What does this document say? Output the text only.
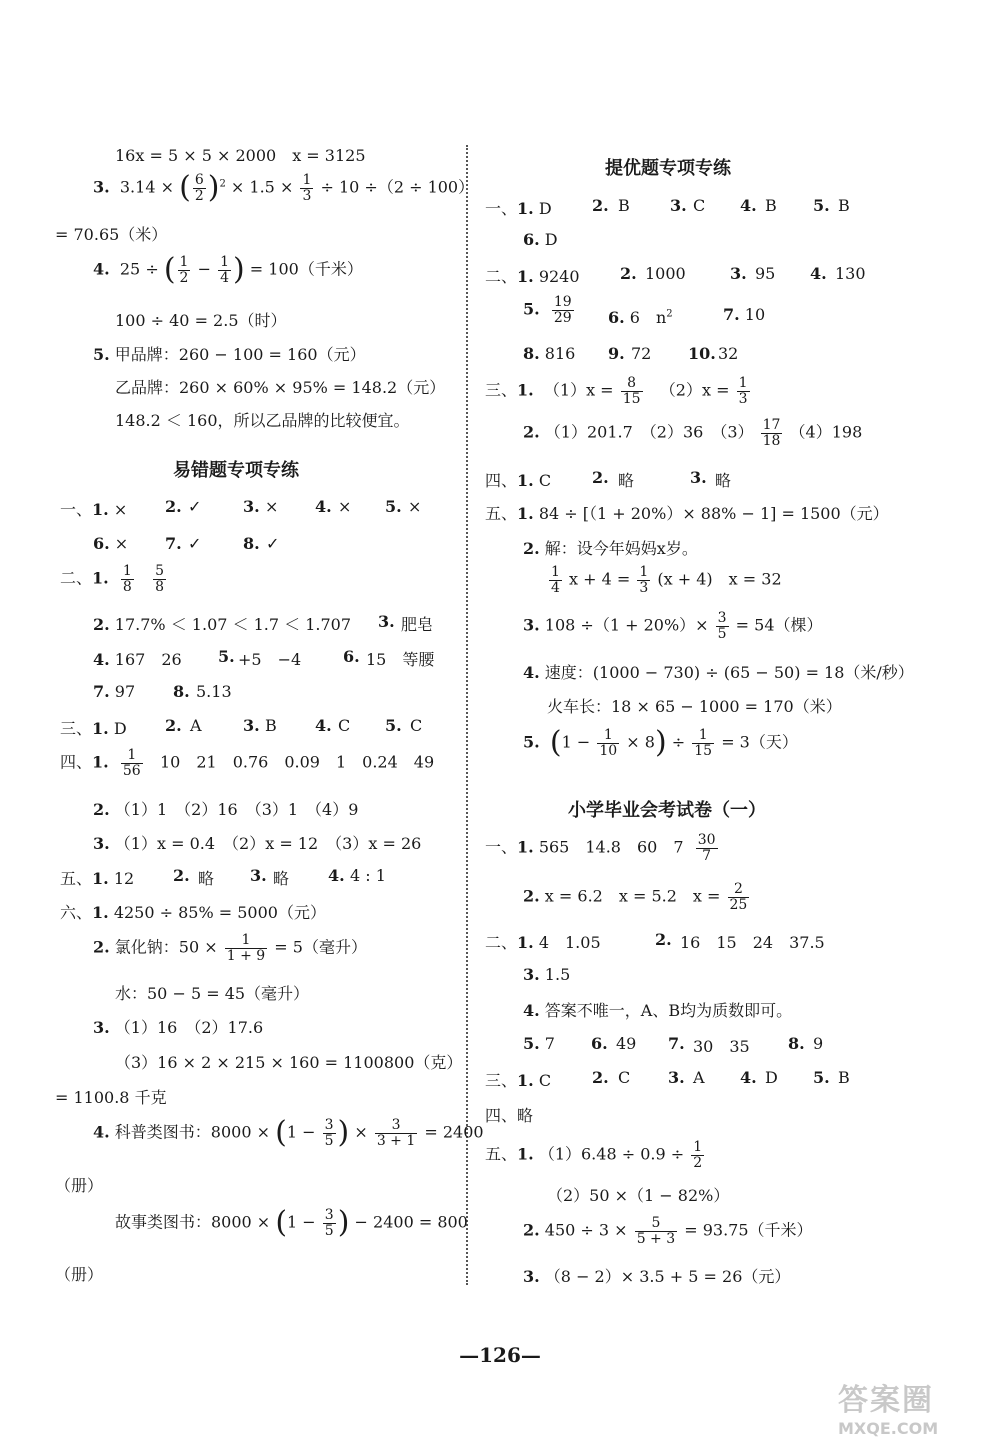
16x = 5 × 5 × 2000　x = 3125
3. 3.14 × ( $\frac{6}{2} )^2 \times 1.5 \times \frac{1}{3} \div 10 \div(2 \div 100)$
= 70.65（米）
4. 25 ÷ ( $\frac{1}{2} - \frac{1}{4}$ ) = 100（千米）
100 ÷ 40 = 2.5（时）
5. 甲品牌：260 − 100 = 160（元）
乙品牌：260 × 60% × 95% = 148.2（元）
148.2 ＜ 160，所以乙品牌的比较便宜。
易错题专项专练
一、1. × 2. ✓	3. × 4. × 5. ×
6. × 7. ✓	8. ✓
二、1. $\frac{1}{8}$
$\frac{5}{8}$
2. 17.7% ＜ 1.07 ＜ 1.7 ＜ 1.707 3. 肥皂
4. 167　26 5. +5　−4	6. 15　等腰
7. 97 8. 5.13
三、1. D 2. A	3. B 4. C 5. C
四、1. $\frac{1}{56} 10$　21　0.76　0.09　1　0.24　49
2. （1）1　（2）16　（3）1　（4）9
3. （1）x = 0.4　（2）x = 12　（3）x = 26
五、1. 12 2. 略 3. 略 4. 4 : 1
六、1. 4250 ÷ 85% = 5000（元）
2. 氯化钠：$50 \times \frac{1}{1 + 9} = 5$（毫升）
水：50 − 5 = 45（毫升）
3. （1）16　（2）17.6
（3）16 × 2 × 215 × 160 = 1100800（克）
= 1100.8 千克
4. 科普类图书：$8000 \times (1 - \frac{3}{5}$ ) × $\frac{3}{3 + 1} = 2400$
（册）
故事类图书：$8000 \times (1 - \frac{3}{5}$ ) − 2400 = 800
（册）
提优题专项专练
一、1. D	2. B	3. C 4. B 5. B
6. D
二、1. 9240	2. 1000	3. 95 4. 130
5. $\frac{19}{29} 6$. 6　$n^2$	7. 10
8. 816 9. 72 10. 32
三、1. $(1)x = \frac{8}{15} (2)x = \frac{1}{3}$
2. （1）201.7　（2）36　$(3) \frac{17}{18} (4)198$
四、1. C	2. 略	3. 略
五、1. 84 ÷ [（1 + 20%）× 88% − 1] = 1500（元）
2. 解：设今年妈妈x岁。
$\frac{1}{4}$ $x + 4 = \frac{1}{3} (x + 4)$　x = 32
3. $108 \div(1 + 20\%)\times \frac{3}{5} = 54$（棵）
4. 速度：(1000 − 730) ÷ (65 − 50) = 18（米/秒）
火车长：18 × 65 − 1000 = 170（米）
5. $(1 - \frac{1}{10} \times 8) \div \frac{1}{15} = 3$（天）
小学毕业会考试卷（一）
一、1. 565　14.8　60　$7 \frac{30}{7}$
2. x = 6.2　x = 5.2　$x = \frac{2}{25}$
二、1. 4　1.05	2. 16　15　24　37.5
3. 1.5
4. 答案不唯一，A、B均为质数即可。
5. 7 6. 49 7. 30　35 8. 9
三、1. C	2. C 3. A 4. D 5. B
四、略
五、1. $(1)6.48 \div 0.9 \div \frac{1}{2}$
（2）50 ×（1 − 82%）
2. $450 \div 3 \times \frac{5}{5 + 3} = 93.75$（千米）
3. （8 − 2）× 3.5 + 5 = 26（元）
—126—
答案圈
MXQE.COM
